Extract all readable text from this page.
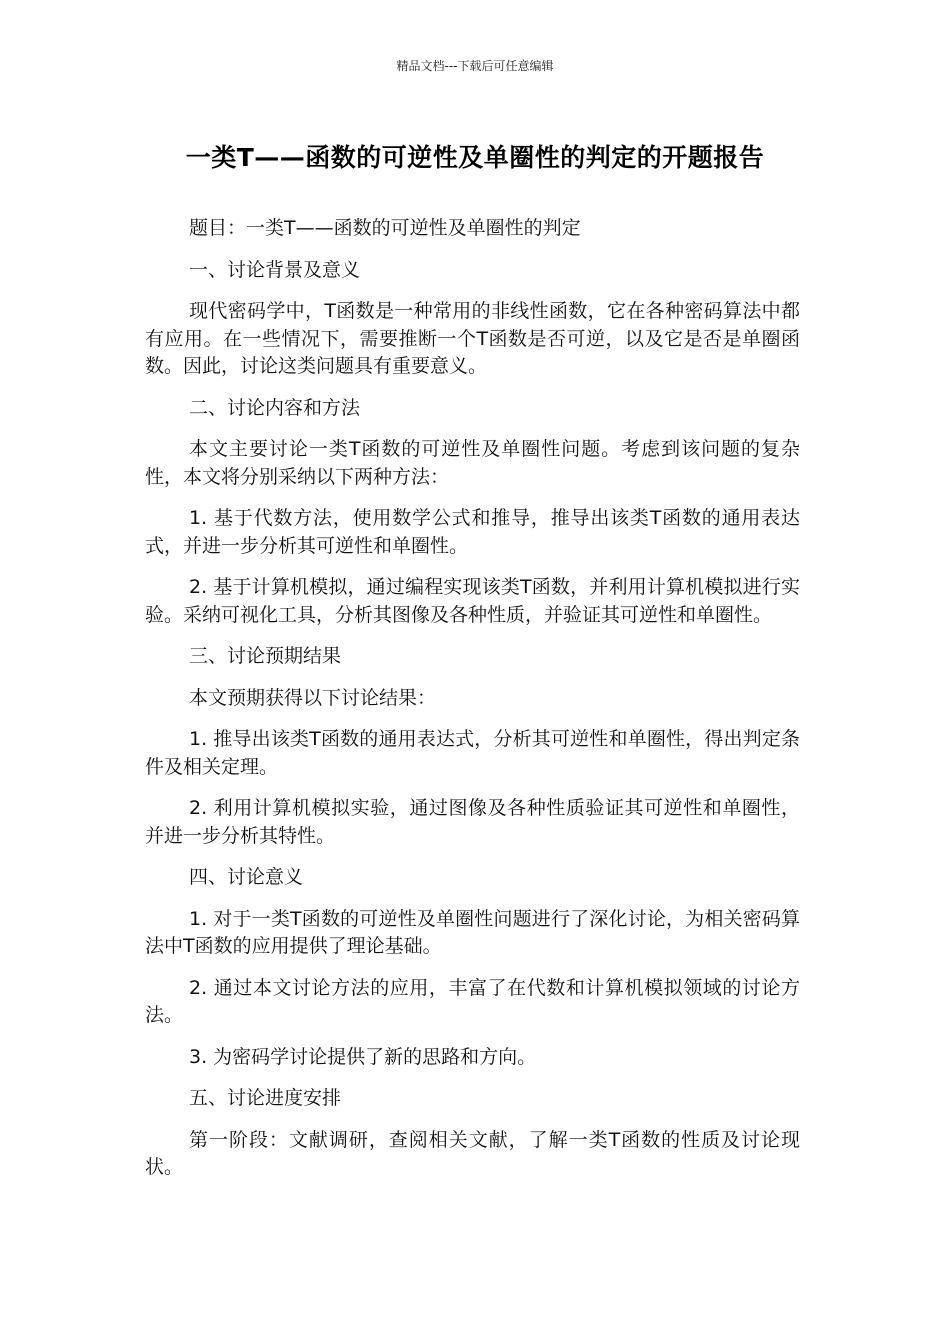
精品文档---下载后可任意编辑
一类T——函数的可逆性及单圈性的判定的开题报告

题目：一类T——函数的可逆性及单圈性的判定

一、讨论背景及意义

现代密码学中，T函数是一种常用的非线性函数，它在各种密码算法中都有应用。在一些情况下，需要推断一个T函数是否可逆，以及它是否是单圈函数。因此，讨论这类问题具有重要意义。

二、讨论内容和方法

本文主要讨论一类T函数的可逆性及单圈性问题。考虑到该问题的复杂性，本文将分别采纳以下两种方法：

1. 基于代数方法，使用数学公式和推导，推导出该类T函数的通用表达式，并进一步分析其可逆性和单圈性。

2. 基于计算机模拟，通过编程实现该类T函数，并利用计算机模拟进行实验。采纳可视化工具，分析其图像及各种性质，并验证其可逆性和单圈性。

三、讨论预期结果

本文预期获得以下讨论结果：

1. 推导出该类T函数的通用表达式，分析其可逆性和单圈性，得出判定条件及相关定理。

2. 利用计算机模拟实验，通过图像及各种性质验证其可逆性和单圈性，并进一步分析其特性。

四、讨论意义

1. 对于一类T函数的可逆性及单圈性问题进行了深化讨论，为相关密码算法中T函数的应用提供了理论基础。

2. 通过本文讨论方法的应用，丰富了在代数和计算机模拟领域的讨论方法。

3. 为密码学讨论提供了新的思路和方向。

五、讨论进度安排

第一阶段：文献调研，查阅相关文献，了解一类T函数的性质及讨论现状。
